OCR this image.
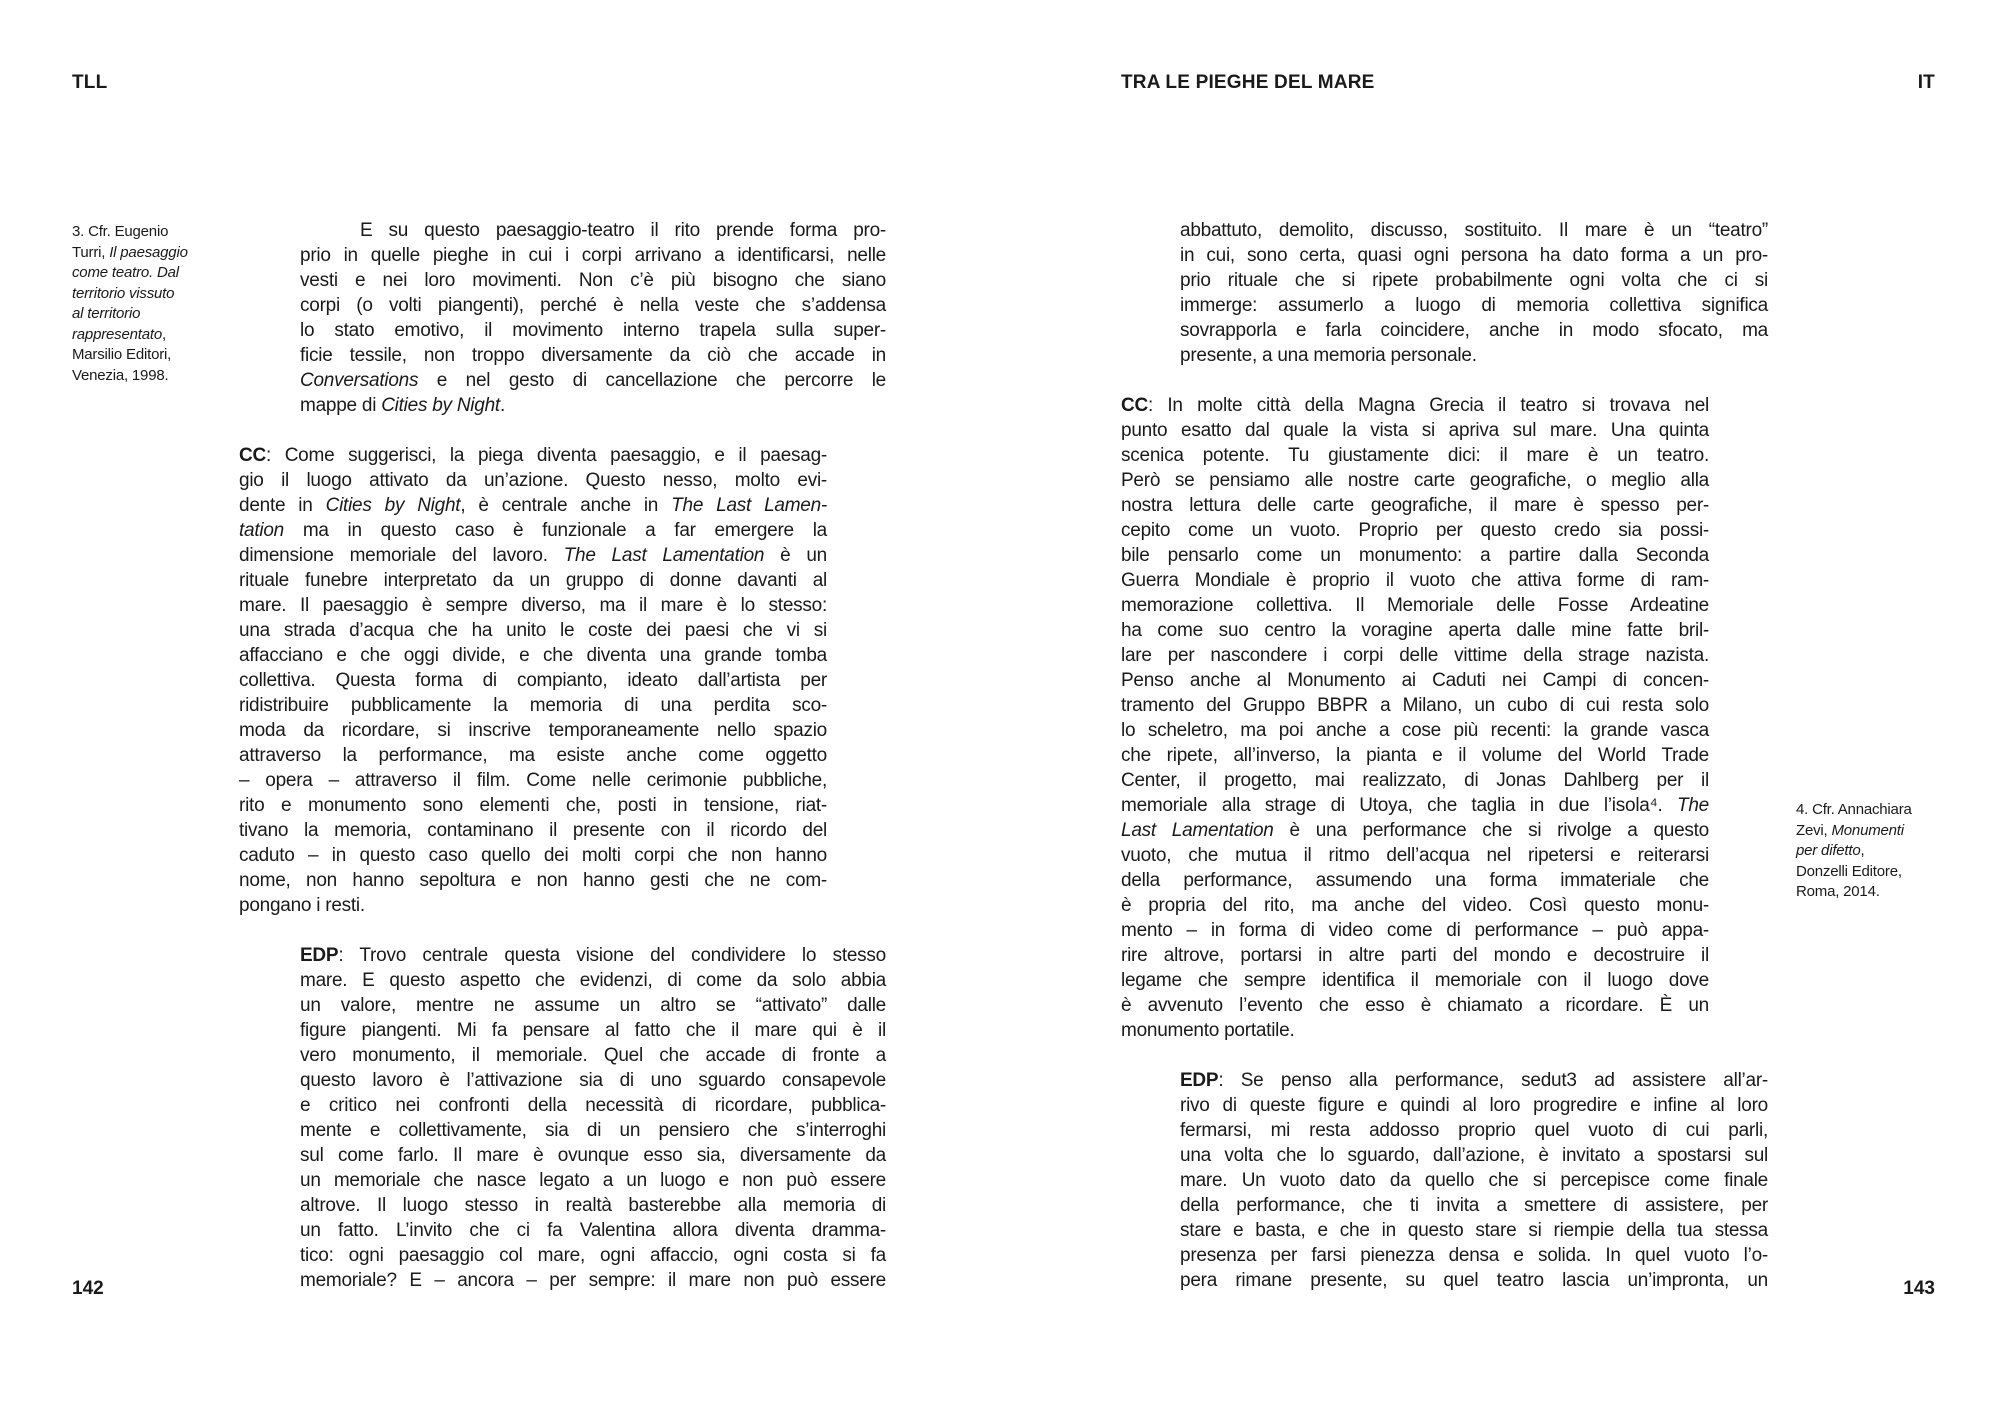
TLL	TRA LE PIEGHE DEL MARE	IT
3. Cfr. Eugenio
Turri, Il paesaggio
come teatro. Dal
territorio vissuto
al territorio
rappresentato,
Marsilio Editori,
Venezia, 1998.
4. Cfr. Annachiara
Zevi, Monumenti
per difetto,
Donzelli Editore,
Roma, 2014.
E su questo paesaggio-teatro il rito prende forma pro-
prio in quelle pieghe in cui i corpi arrivano a identificarsi, nelle
vesti e nei loro movimenti. Non c’è più bisogno che siano
corpi (o volti piangenti), perché è nella veste che s’addensa
lo stato emotivo, il movimento interno trapela sulla super-
ficie tessile, non troppo diversamente da ciò che accade in
Conversations e nel gesto di cancellazione che percorre le
mappe di Cities by Night.
CC: Come suggerisci, la piega diventa paesaggio, e il paesag-
gio il luogo attivato da un’azione. Questo nesso, molto evi-
dente in Cities by Night, è centrale anche in The Last Lamen-
tation ma in questo caso è funzionale a far emergere la
dimensione memoriale del lavoro. The Last Lamentation è un
rituale funebre interpretato da un gruppo di donne davanti al
mare. Il paesaggio è sempre diverso, ma il mare è lo stesso:
una strada d’acqua che ha unito le coste dei paesi che vi si
affacciano e che oggi divide, e che diventa una grande tomba
collettiva. Questa forma di compianto, ideato dall’artista per
ridistribuire pubblicamente la memoria di una perdita sco-
moda da ricordare, si inscrive temporaneamente nello spazio
attraverso la performance, ma esiste anche come oggetto
– opera – attraverso il film. Come nelle cerimonie pubbliche,
rito e monumento sono elementi che, posti in tensione, riat-
tivano la memoria, contaminano il presente con il ricordo del
caduto – in questo caso quello dei molti corpi che non hanno
nome, non hanno sepoltura e non hanno gesti che ne com-
pongano i resti.
EDP: Trovo centrale questa visione del condividere lo stesso
mare. E questo aspetto che evidenzi, di come da solo abbia
un valore, mentre ne assume un altro se “attivato” dalle
figure piangenti. Mi fa pensare al fatto che il mare qui è il
vero monumento, il memoriale. Quel che accade di fronte a
questo lavoro è l’attivazione sia di uno sguardo consapevole
e critico nei confronti della necessità di ricordare, pubblica-
mente e collettivamente, sia di un pensiero che s’interroghi
sul come farlo. Il mare è ovunque esso sia, diversamente da
un memoriale che nasce legato a un luogo e non può essere
altrove. Il luogo stesso in realtà basterebbe alla memoria di
un fatto. L’invito che ci fa Valentina allora diventa dramma-
tico: ogni paesaggio col mare, ogni affaccio, ogni costa si fa
memoriale? E – ancora – per sempre: il mare non può essere
abbattuto, demolito, discusso, sostituito. Il mare è un “teatro”
in cui, sono certa, quasi ogni persona ha dato forma a un pro-
prio rituale che si ripete probabilmente ogni volta che ci si
immerge: assumerlo a luogo di memoria collettiva significa
sovrapporla e farla coincidere, anche in modo sfocato, ma
presente, a una memoria personale.
CC: In molte città della Magna Grecia il teatro si trovava nel
punto esatto dal quale la vista si apriva sul mare. Una quinta
scenica potente. Tu giustamente dici: il mare è un teatro.
Però se pensiamo alle nostre carte geografiche, o meglio alla
nostra lettura delle carte geografiche, il mare è spesso per-
cepito come un vuoto. Proprio per questo credo sia possi-
bile pensarlo come un monumento: a partire dalla Seconda
Guerra Mondiale è proprio il vuoto che attiva forme di ram-
memorazione collettiva. Il Memoriale delle Fosse Ardeatine
ha come suo centro la voragine aperta dalle mine fatte bril-
lare per nascondere i corpi delle vittime della strage nazista.
Penso anche al Monumento ai Caduti nei Campi di concen-
tramento del Gruppo BBPR a Milano, un cubo di cui resta solo
lo scheletro, ma poi anche a cose più recenti: la grande vasca
che ripete, all’inverso, la pianta e il volume del World Trade
Center, il progetto, mai realizzato, di Jonas Dahlberg per il
memoriale alla strage di Utoya, che taglia in due l’isola⁴. The
Last Lamentation è una performance che si rivolge a questo
vuoto, che mutua il ritmo dell’acqua nel ripetersi e reiterarsi
della performance, assumendo una forma immateriale che
è propria del rito, ma anche del video. Così questo monu-
mento – in forma di video come di performance – può appa-
rire altrove, portarsi in altre parti del mondo e decostruire il
legame che sempre identifica il memoriale con il luogo dove
è avvenuto l’evento che esso è chiamato a ricordare. È un
monumento portatile.
EDP: Se penso alla performance, sedut3 ad assistere all’ar-
rivo di queste figure e quindi al loro progredire e infine al loro
fermarsi, mi resta addosso proprio quel vuoto di cui parli,
una volta che lo sguardo, dall’azione, è invitato a spostarsi sul
mare. Un vuoto dato da quello che si percepisce come finale
della performance, che ti invita a smettere di assistere, per
stare e basta, e che in questo stare si riempie della tua stessa
presenza per farsi pienezza densa e solida. In quel vuoto l’o-
pera rimane presente, su quel teatro lascia un’impronta, un
142	143
